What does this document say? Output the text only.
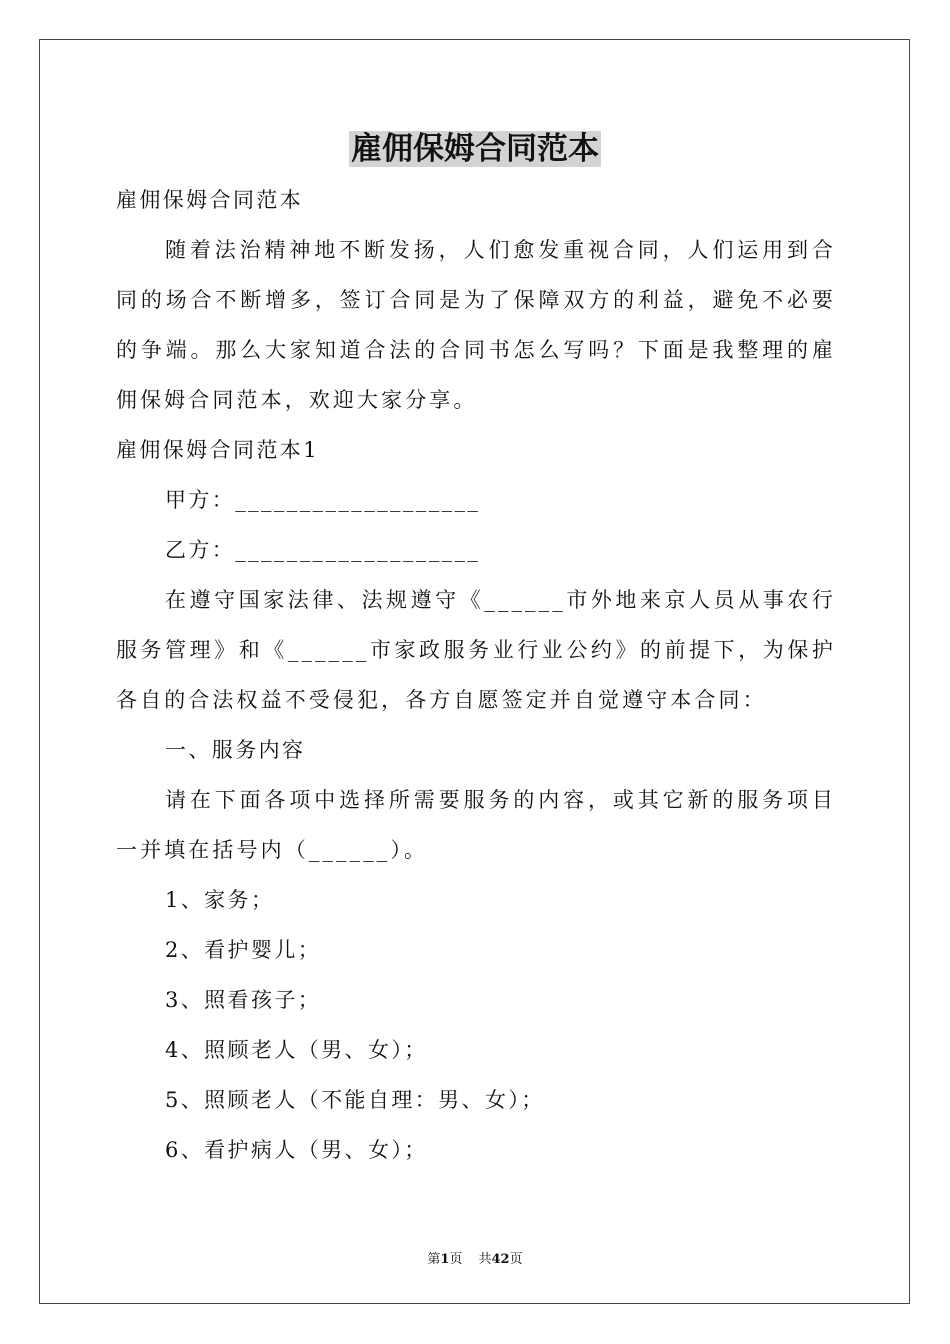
雇佣保姆合同范本
雇佣保姆合同范本
随着法治精神地不断发扬，人们愈发重视合同，人们运用到合同的场合不断增多，签订合同是为了保障双方的利益，避免不必要的争端。那么大家知道合法的合同书怎么写吗？下面是我整理的雇佣保姆合同范本，欢迎大家分享。
雇佣保姆合同范本1
甲方：___________________
乙方：___________________
在遵守国家法律、法规遵守《______市外地来京人员从事农行服务管理》和《______市家政服务业行业公约》的前提下，为保护各自的合法权益不受侵犯，各方自愿签定并自觉遵守本合同：
一、服务内容
请在下面各项中选择所需要服务的内容，或其它新的服务项目一并填在括号内（______）。
1、家务；
2、看护婴儿；
3、照看孩子；
4、照顾老人（男、女）；
5、照顾老人（不能自理：男、女）；
6、看护病人（男、女）；
第1页 共42页
